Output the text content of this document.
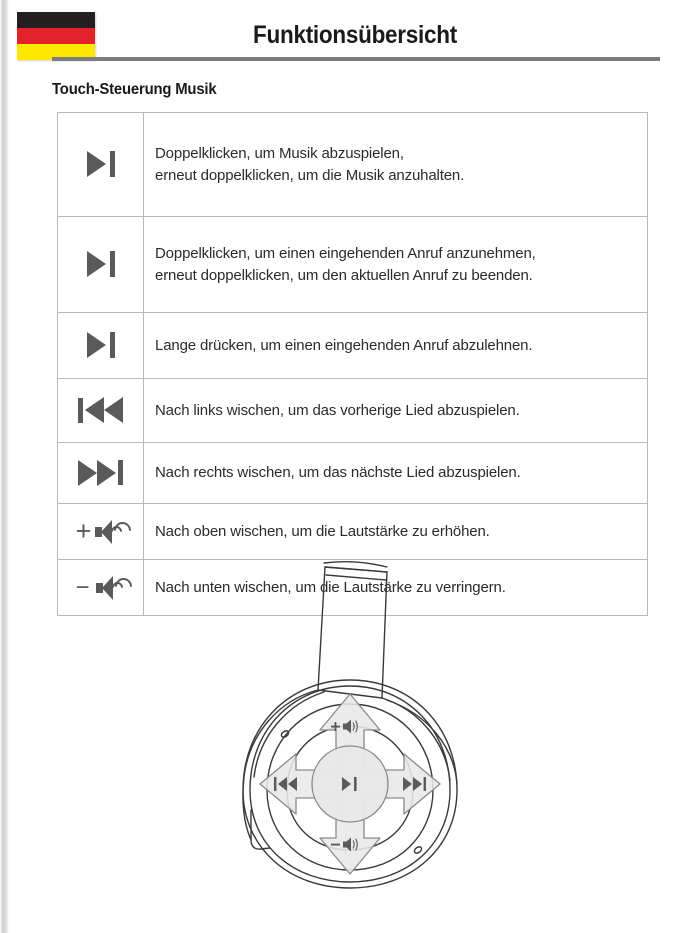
Funktionsübersicht
Touch-Steuerung Musik

	Doppelklicken, um Musik abzuspielen,
erneut doppelklicken, um die Musik anzuhalten.

	Doppelklicken, um einen eingehenden Anruf anzunehmen,
erneut doppelklicken, um den aktuellen Anruf zu beenden.

	Lange drücken, um einen eingehenden Anruf abzulehnen.

	Nach links wischen, um das vorherige Lied abzuspielen.

	Nach rechts wischen, um das nächste Lied abzuspielen.

+	Nach oben wischen, um die Lautstärke zu erhöhen.

−	Nach unten wischen, um die Lautstärke zu verringern.
